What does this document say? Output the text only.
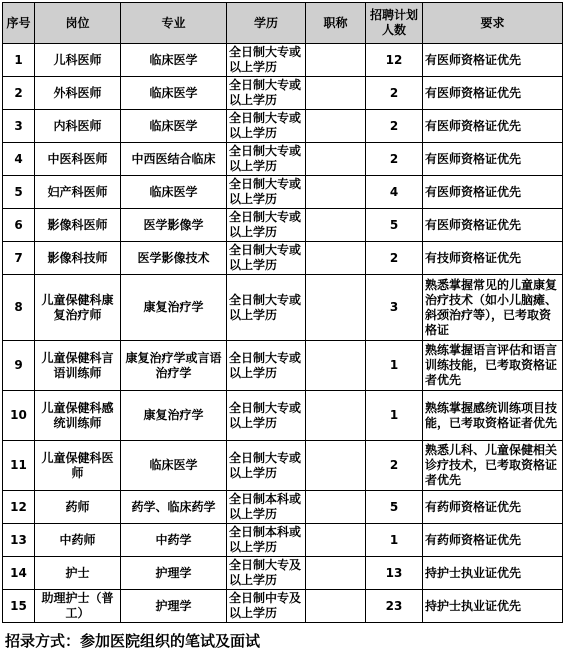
序号	岗位	专业	学历	职称	招聘计划人数	要求
1	儿科医师	临床医学	全日制大专或以上学历		12	有医师资格证优先
2	外科医师	临床医学	全日制大专或以上学历		2	有医师资格证优先
3	内科医师	临床医学	全日制大专或以上学历		2	有医师资格证优先
4	中医科医师	中西医结合临床	全日制大专或以上学历		2	有医师资格证优先
5	妇产科医师	临床医学	全日制大专或以上学历		4	有医师资格证优先
6	影像科医师	医学影像学	全日制大专或以上学历		5	有医师资格证优先
7	影像科技师	医学影像技术	全日制大专或以上学历		2	有技师资格证优先
8	儿童保健科康复治疗师	康复治疗学	全日制大专或以上学历		3	熟悉掌握常见的儿童康复治疗技术（如小儿脑瘫、斜颈治疗等），已考取资格证
9	儿童保健科言语训练师	康复治疗学或言语治疗学	全日制大专或以上学历		1	熟练掌握语言评估和语言训练技能，已考取资格证者优先
10	儿童保健科感统训练师	康复治疗学	全日制大专或以上学历		1	熟练掌握感统训练项目技能，已考取资格证者优先
11	儿童保健科医师	临床医学	全日制大专或以上学历		2	熟悉儿科、儿童保健相关诊疗技术，已考取资格证者优先
12	药师	药学、临床药学	全日制本科或以上学历		5	有药师资格证优先
13	中药师	中药学	全日制本科或以上学历		1	有药师资格证优先
14	护士	护理学	全日制大专及以上学历		13	持护士执业证优先
15	助理护士（普工）	护理学	全日制中专及以上学历		23	持护士执业证优先
招录方式：参加医院组织的笔试及面试
